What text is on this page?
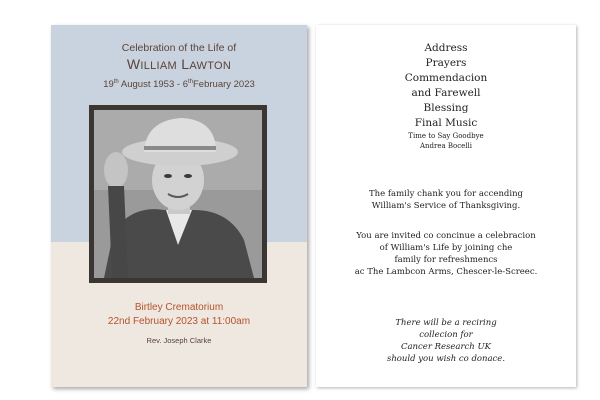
Celebration of the Life of
WILLIAM LAWTON
19th August 1953 - 6thFebruary 2023
Birtley Crematorium
22nd February 2023 at 11:00am
Rev. Joseph Clarke
Address
Prayers
Commendacion
and Farewell
Blessing
Final Music
Time to Say Goodbye
Andrea Bocelli
The family chank you for accending
William's Service of Thanksgiving.
You are invited co concinue a celebracion
of William's Life by joining che
family for refreshmencs
ac The Lambcon Arms, Chescer-le-Screec.
There will be a reciring
collecion for
Cancer Research UK
should you wish co donace.
